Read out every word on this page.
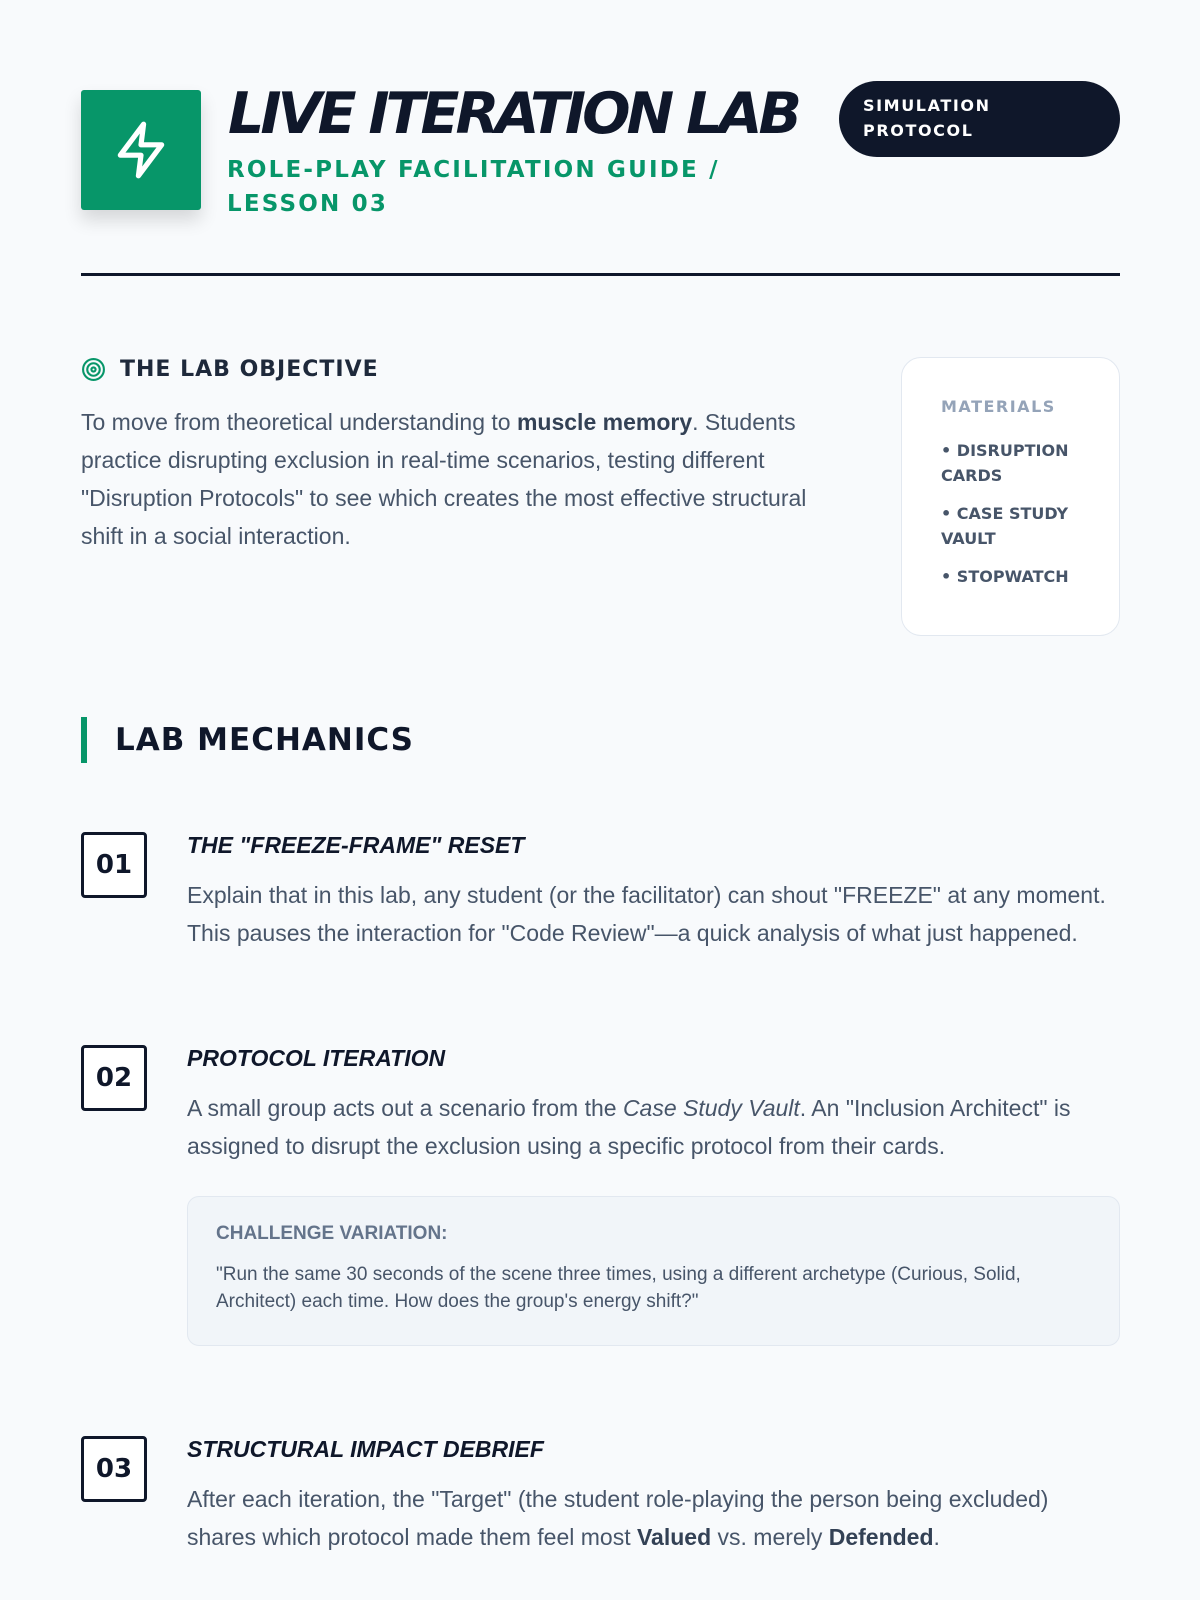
LIVE ITERATION LAB
ROLE-PLAY FACILITATION GUIDE / LESSON 03
SIMULATION
PROTOCOL
THE LAB OBJECTIVE

To move from theoretical understanding to muscle memory. Students practice disrupting exclusion in real-time scenarios, testing different "Disruption Protocols" to see which creates the most effective structural shift in a social interaction.

MATERIALS
• DISRUPTION CARDS
• CASE STUDY VAULT
• STOPWATCH
LAB MECHANICS
01
THE "FREEZE-FRAME" RESET

Explain that in this lab, any student (or the facilitator) can shout "FREEZE" at any moment. This pauses the interaction for "Code Review"—a quick analysis of what just happened.

02
PROTOCOL ITERATION

A small group acts out a scenario from the Case Study Vault. An "Inclusion Architect" is assigned to disrupt the exclusion using a specific protocol from their cards.

CHALLENGE VARIATION:
"Run the same 30 seconds of the scene three times, using a different archetype (Curious, Solid, Architect) each time. How does the group's energy shift?"
03
STRUCTURAL IMPACT DEBRIEF

After each iteration, the "Target" (the student role-playing the person being excluded) shares which protocol made them feel most Valued vs. merely Defended.
